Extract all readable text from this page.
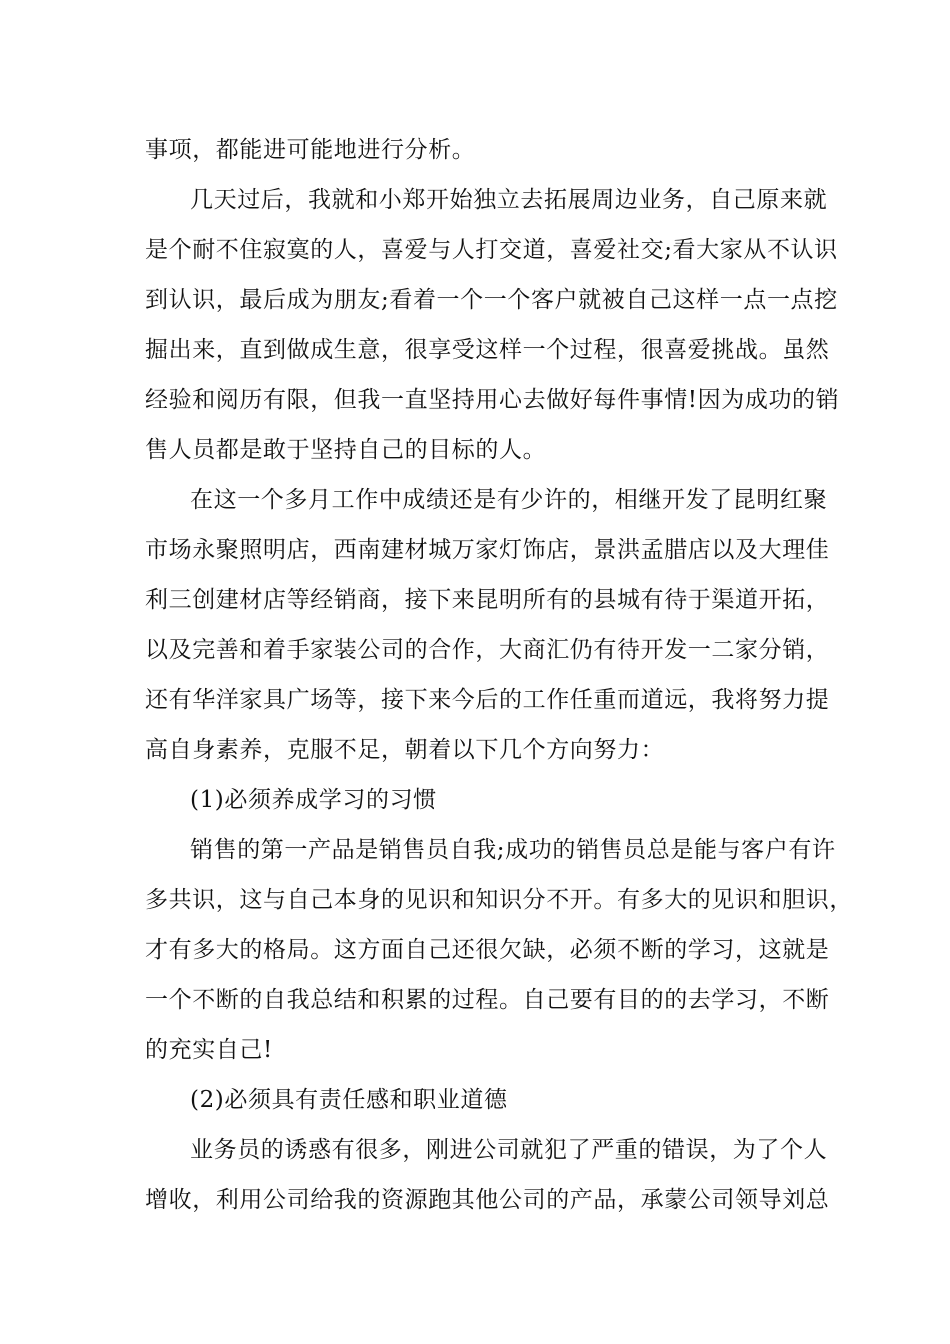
事项，都能进可能地进行分析。
几天过后，我就和小郑开始独立去拓展周边业务，自己原来就
是个耐不住寂寞的人，喜爱与人打交道，喜爱社交;看大家从不认识
到认识，最后成为朋友;看着一个一个客户就被自己这样一点一点挖
掘出来，直到做成生意，很享受这样一个过程，很喜爱挑战。虽然
经验和阅历有限，但我一直坚持用心去做好每件事情!因为成功的销
售人员都是敢于坚持自己的目标的人。
在这一个多月工作中成绩还是有少许的，相继开发了昆明红聚
市场永聚照明店，西南建材城万家灯饰店，景洪孟腊店以及大理佳
利三创建材店等经销商，接下来昆明所有的县城有待于渠道开拓，
以及完善和着手家装公司的合作，大商汇仍有待开发一二家分销，
还有华洋家具广场等，接下来今后的工作任重而道远，我将努力提
高自身素养，克服不足，朝着以下几个方向努力：
(1)必须养成学习的习惯
销售的第一产品是销售员自我;成功的销售员总是能与客户有许
多共识，这与自己本身的见识和知识分不开。有多大的见识和胆识，
才有多大的格局。这方面自己还很欠缺，必须不断的学习，这就是
一个不断的自我总结和积累的过程。自己要有目的的去学习，不断
的充实自己!
(2)必须具有责任感和职业道德
业务员的诱惑有很多，刚进公司就犯了严重的错误，为了个人
增收，利用公司给我的资源跑其他公司的产品，承蒙公司领导刘总
